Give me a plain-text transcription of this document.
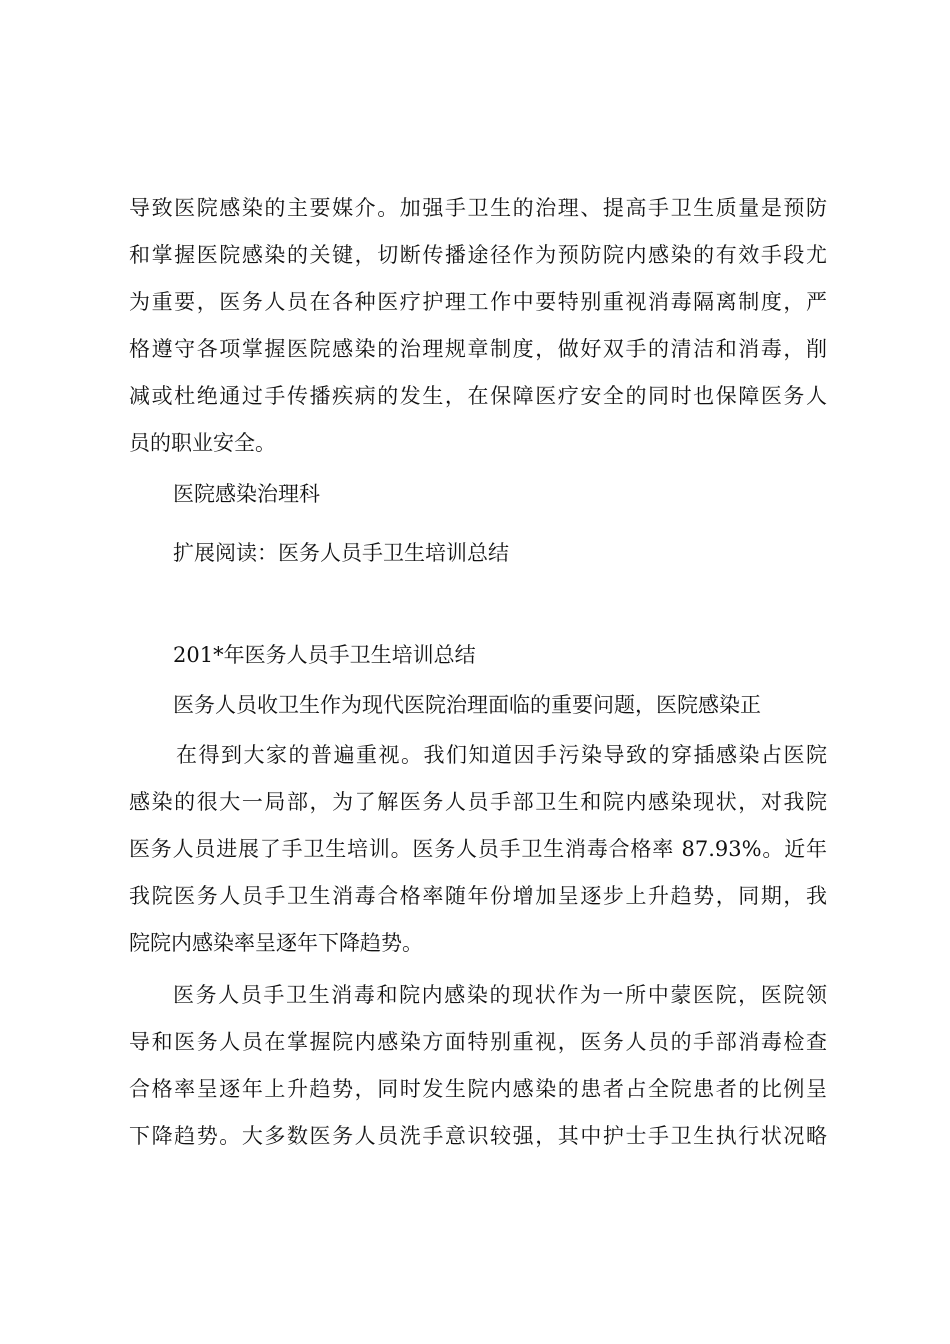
导致医院感染的主要媒介。加强手卫生的治理、提高手卫生质量是预防

和掌握医院感染的关键，切断传播途径作为预防院内感染的有效手段尤

为重要，医务人员在各种医疗护理工作中要特别重视消毒隔离制度，严

格遵守各项掌握医院感染的治理规章制度，做好双手的清洁和消毒，削

减或杜绝通过手传播疾病的发生，在保障医疗安全的同时也保障医务人

员的职业安全。

医院感染治理科

扩展阅读：医务人员手卫生培训总结

201*年医务人员手卫生培训总结

医务人员收卫生作为现代医院治理面临的重要问题，医院感染正

在得到大家的普遍重视。我们知道因手污染导致的穿插感染占医院

感染的很大一局部，为了解医务人员手部卫生和院内感染现状，对我院

医务人员进展了手卫生培训。医务人员手卫生消毒合格率 87.93%。近年

我院医务人员手卫生消毒合格率随年份增加呈逐步上升趋势，同期，我

院院内感染率呈逐年下降趋势。

医务人员手卫生消毒和院内感染的现状作为一所中蒙医院，医院领

导和医务人员在掌握院内感染方面特别重视，医务人员的手部消毒检查

合格率呈逐年上升趋势，同时发生院内感染的患者占全院患者的比例呈

下降趋势。大多数医务人员洗手意识较强，其中护士手卫生执行状况略
